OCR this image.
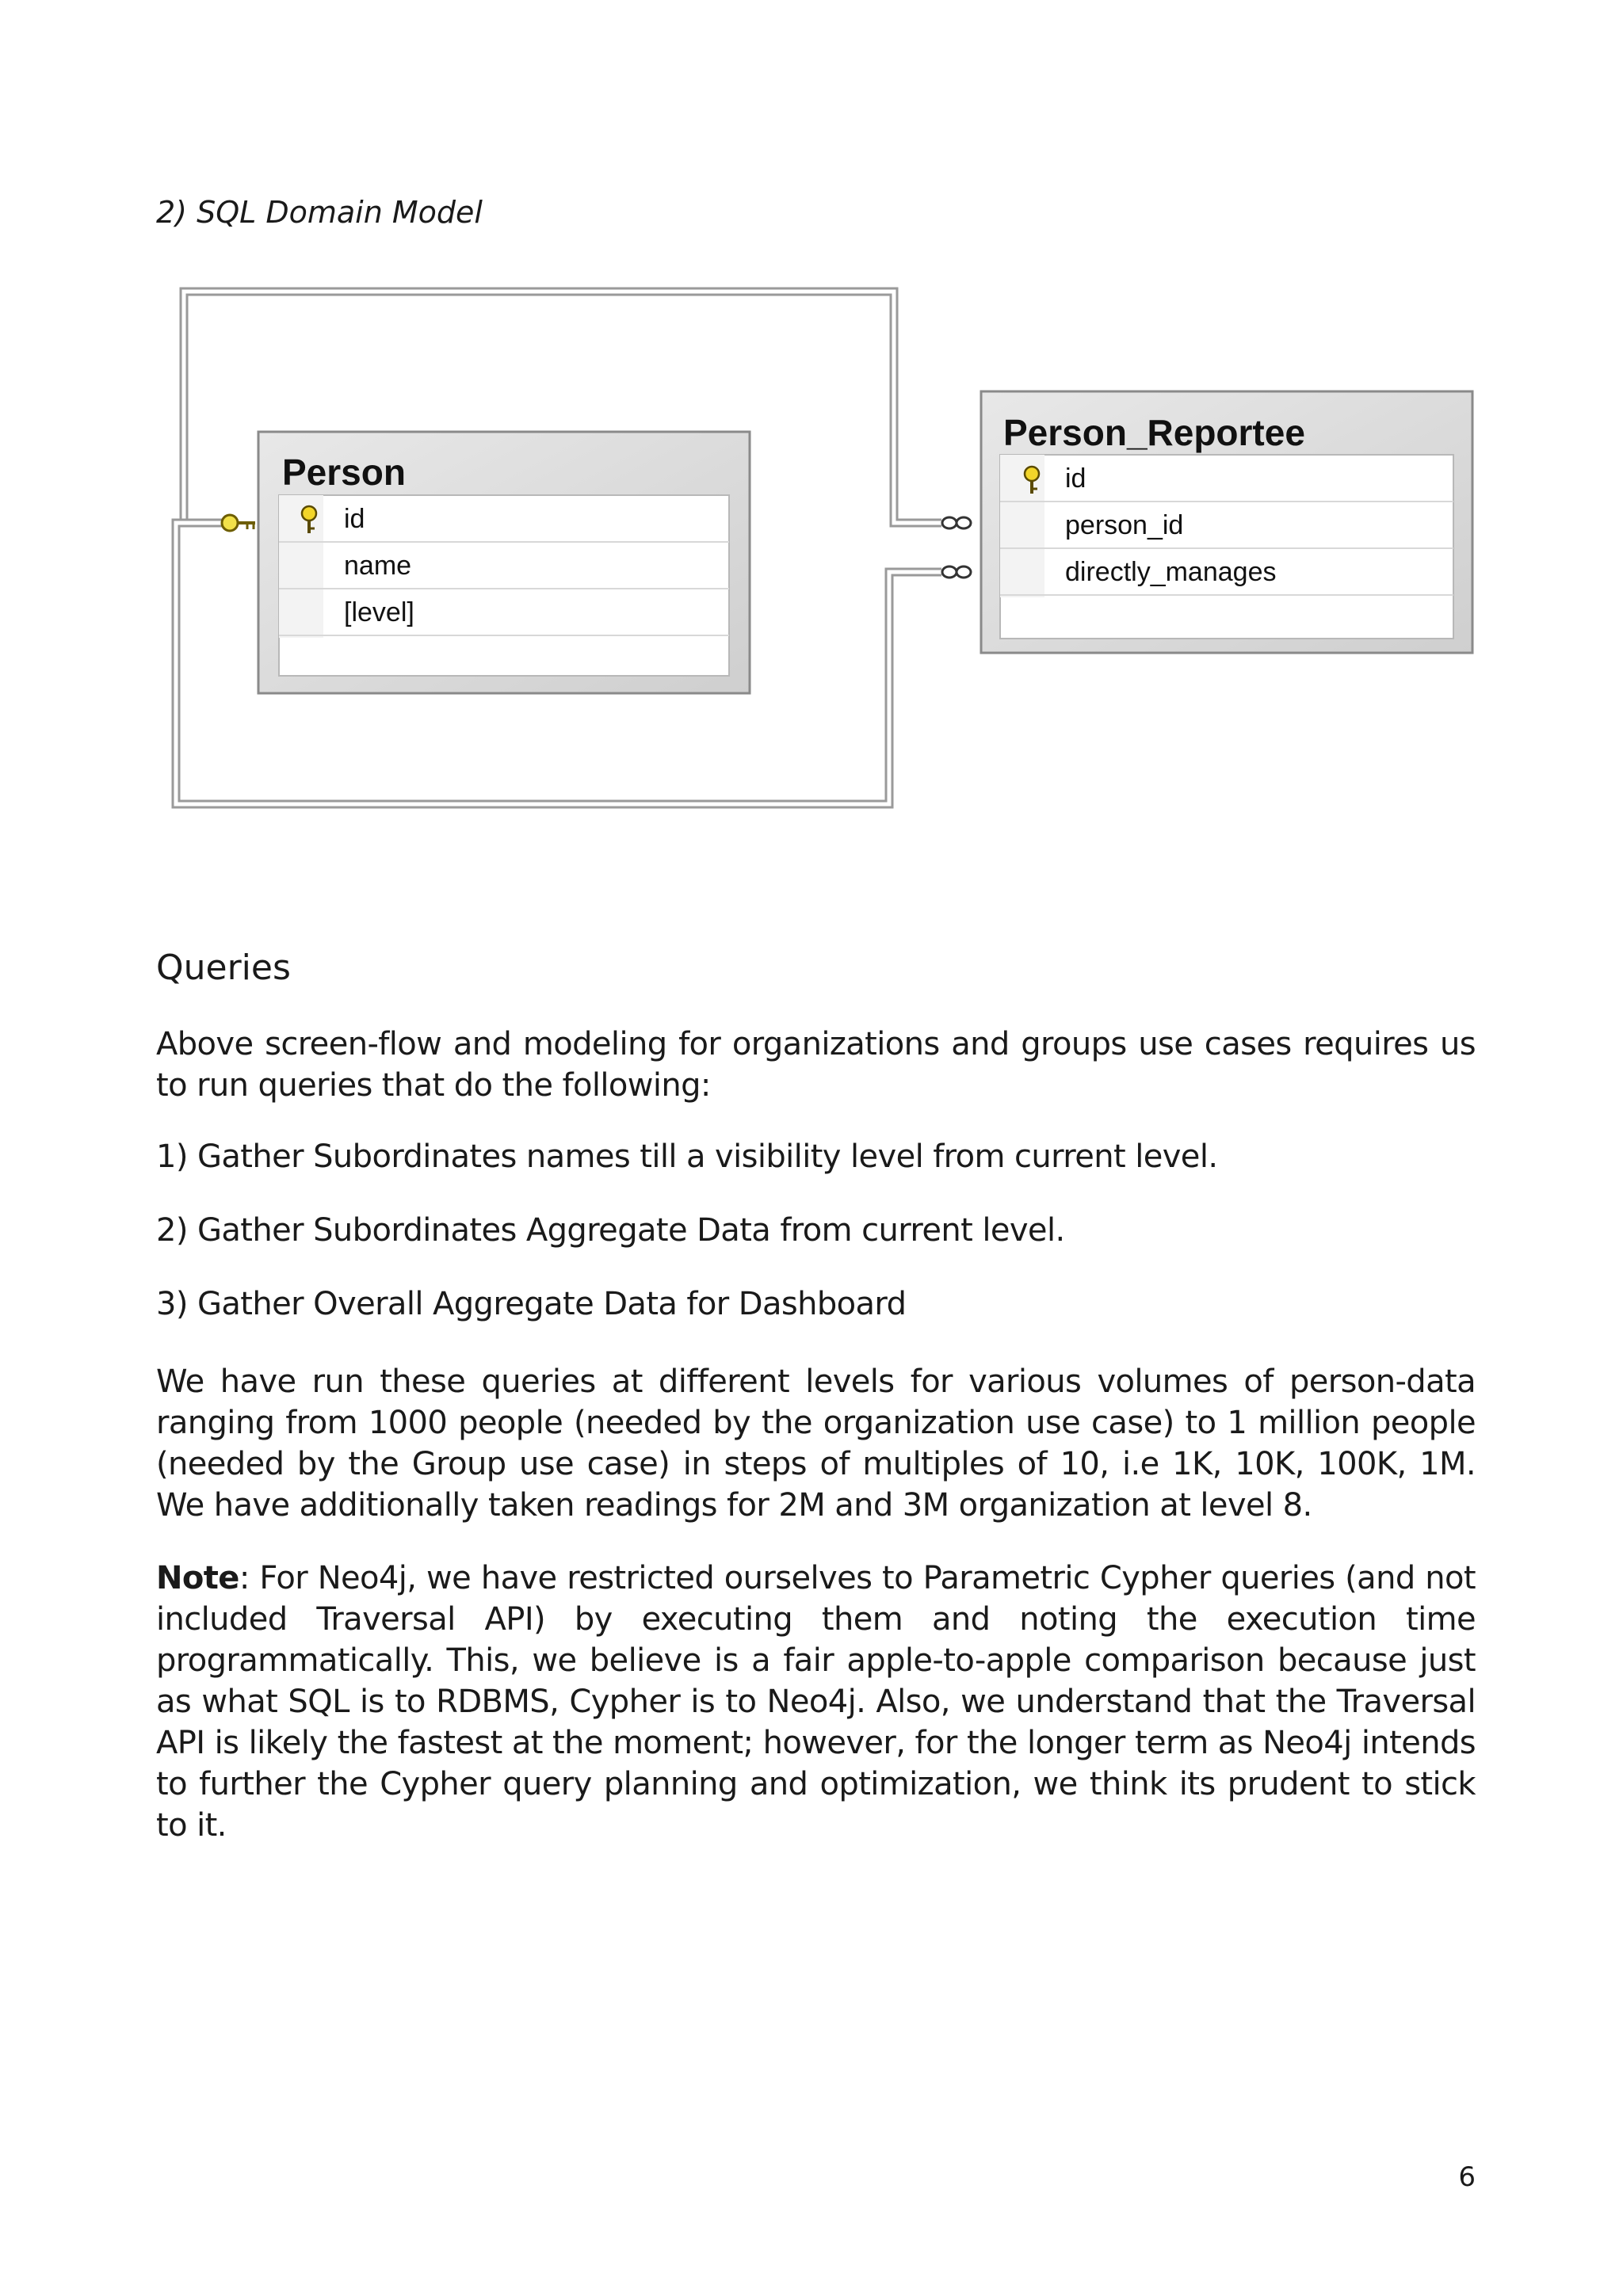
2) SQL Domain Model
Person
id
name
[level]
Person_Reportee
id
person_id
directly_manages
Queries
Above screen-flow and modeling for organizations and groups use cases requires us to run queries that do the following:
1) Gather Subordinates names till a visibility level from current level.
2) Gather Subordinates Aggregate Data from current level.
3) Gather Overall Aggregate Data for Dashboard
We have run these queries at different levels for various volumes of person-data ranging from 1000 people (needed by the organization use case) to 1 million people (needed by the Group use case) in steps of multiples of 10, i.e 1K, 10K, 100K, 1M. We have additionally taken readings for 2M and 3M organization at level 8.
Note: For Neo4j, we have restricted ourselves to Parametric Cypher queries (and not included Traversal API) by executing them and noting the execution time programmatically. This, we believe is a fair apple-to-apple comparison because just as what SQL is to RDBMS, Cypher is to Neo4j. Also, we understand that the Traversal API is likely the fastest at the moment; however, for the longer term as Neo4j intends to further the Cypher query planning and optimization, we think its prudent to stick to it.
6
